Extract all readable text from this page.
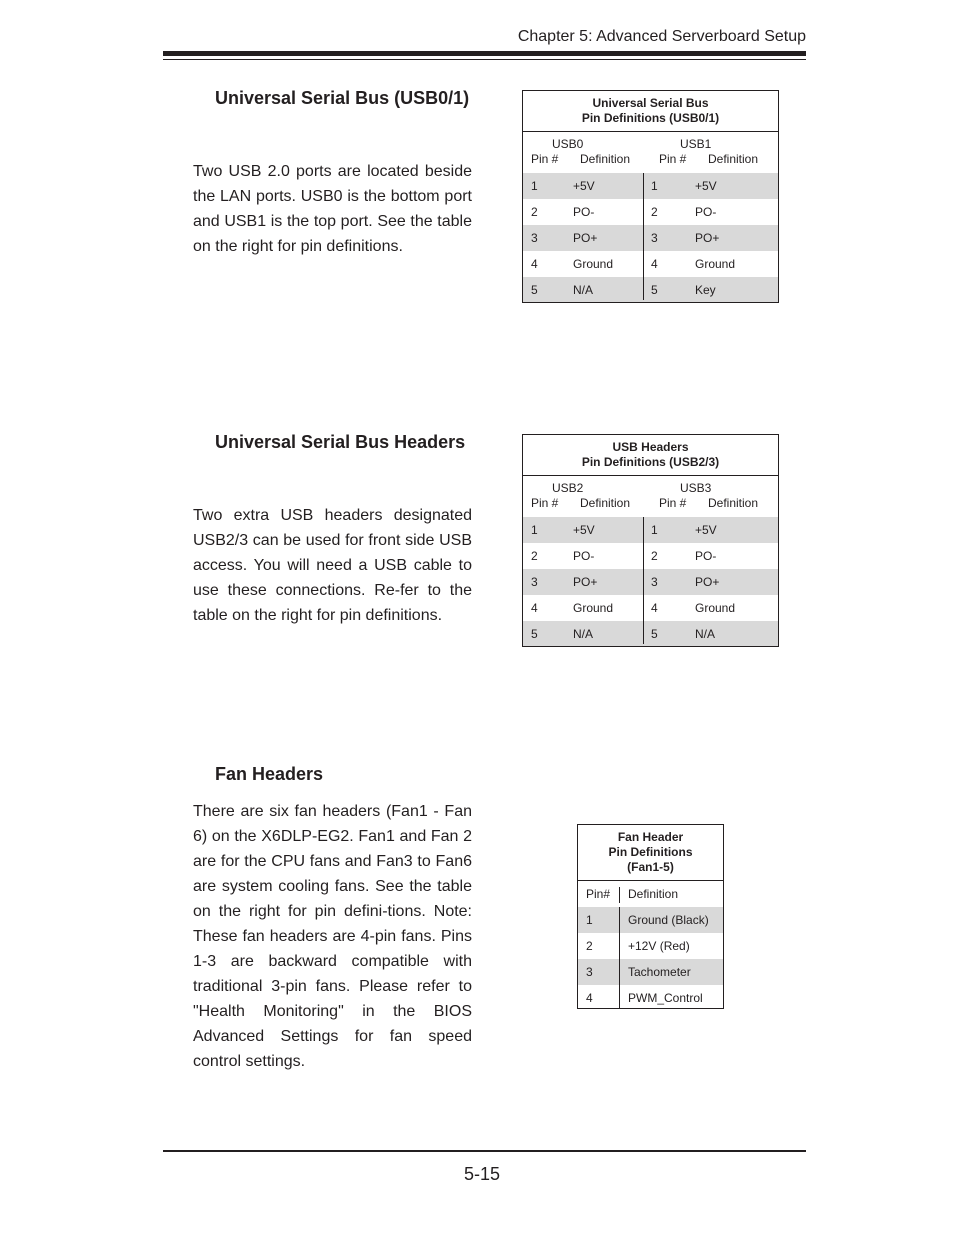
Chapter 5: Advanced Serverboard Setup
Universal Serial Bus (USB0/1)

Two USB 2.0 ports are located beside the LAN ports. USB0 is the bottom port and USB1 is the top port. See the table on the right for pin definitions.

Universal Serial Bus
Pin Definitions (USB0/1)
USB0	USB1
Pin # Definition Pin # Definition
1	+5V	1	+5V
2	PO-	2	PO-
3	PO+	3	PO+
4	Ground	4	Ground
5	N/A	5	Key
Universal Serial Bus Headers

Two extra USB headers designated USB2/3 can be used for front side USB access. You will need a USB cable to use these connections. Re-fer to the table on the right for pin definitions.

USB Headers
Pin Definitions (USB2/3)
USB2	USB3
Pin # Definition Pin # Definition
1	+5V	1	+5V
2	PO-	2	PO-
3	PO+	3	PO+
4	Ground	4	Ground
5	N/A	5	N/A
Fan Headers

There are six fan headers (Fan1 - Fan 6) on the X6DLP-EG2. Fan1 and Fan 2 are for the CPU fans and Fan3 to Fan6 are system cooling fans. See the table on the right for pin defini-tions. Note: These fan headers are 4-pin fans. Pins 1-3 are backward compatible with traditional 3-pin fans. Please refer to "Health Monitoring" in the BIOS Advanced Settings for fan speed control settings.

Fan Header
Pin Definitions
(Fan1-5)
Pin# Definition
1	Ground (Black)
2	+12V (Red)
3	Tachometer
4	PWM_Control
5-15
